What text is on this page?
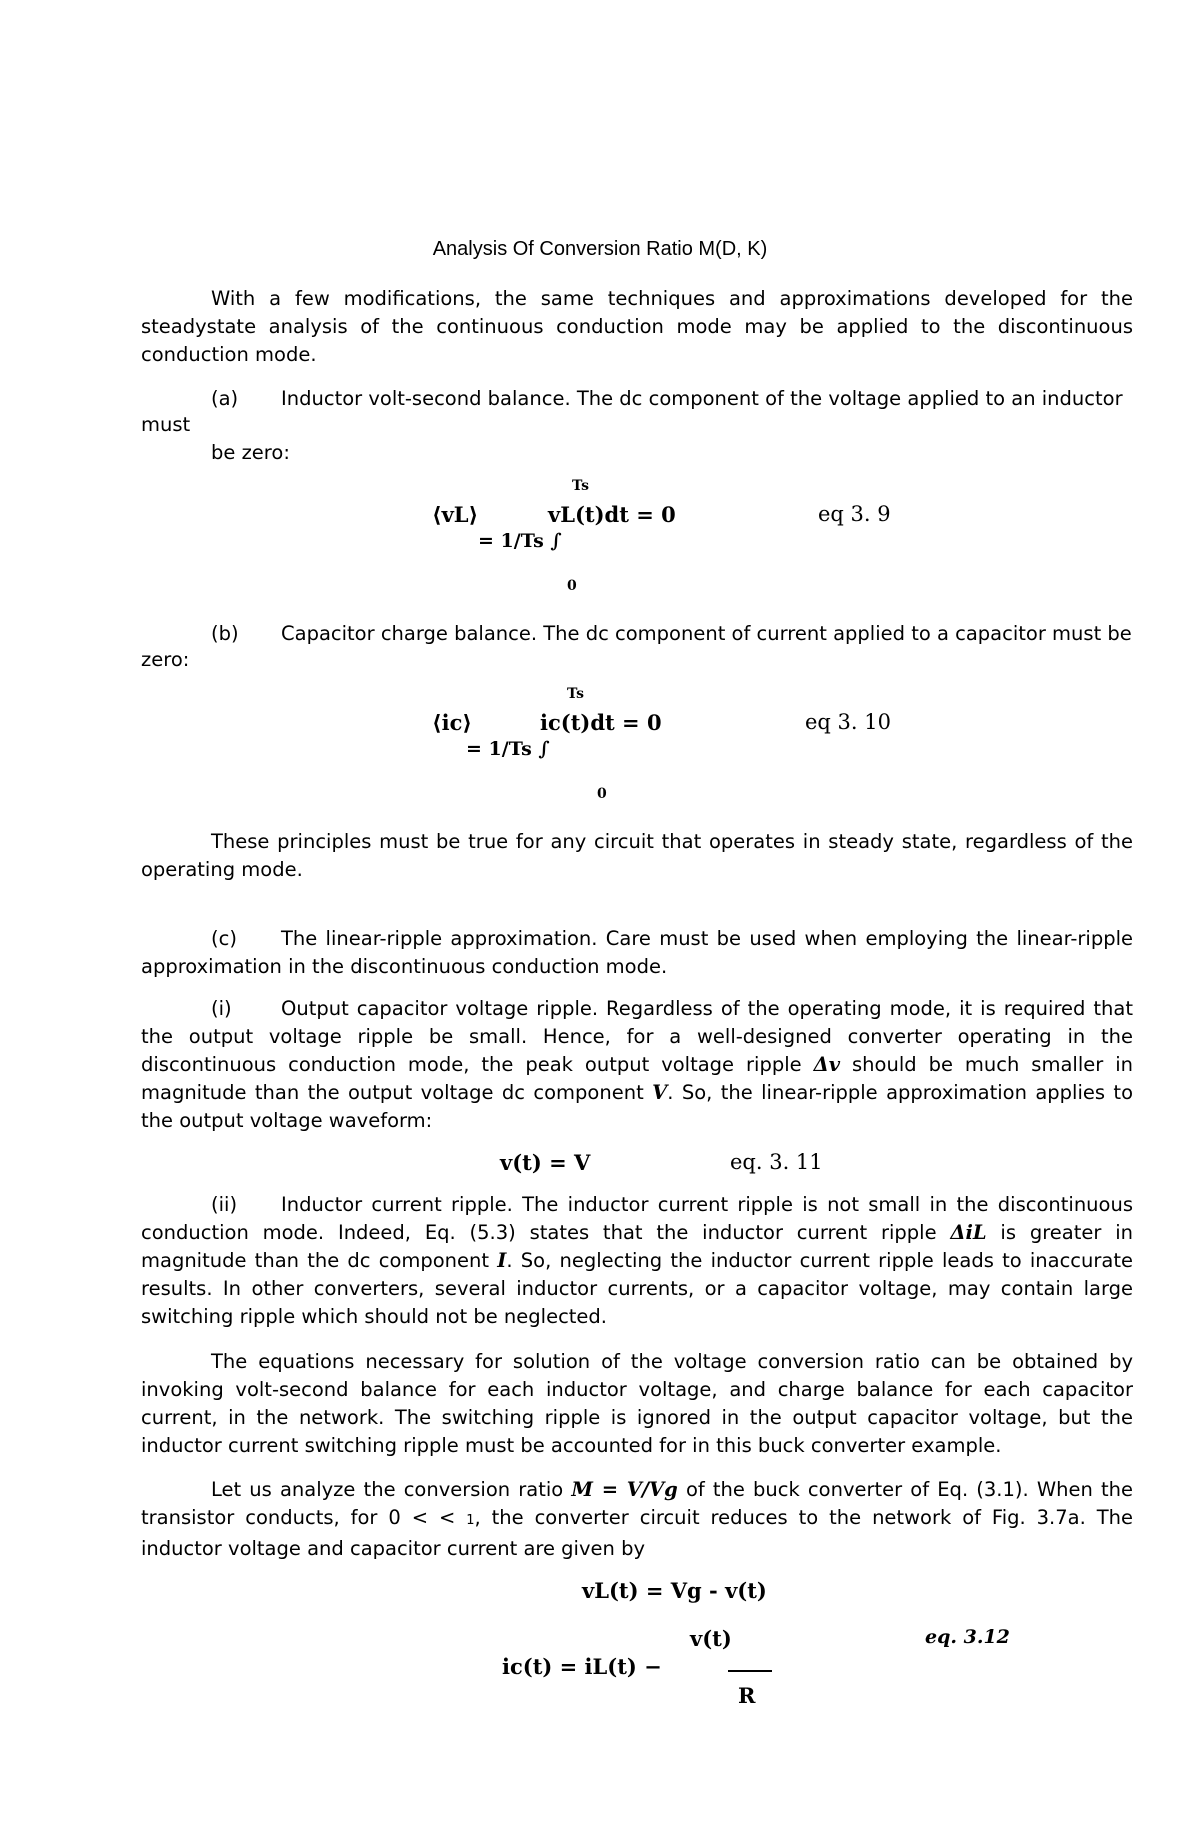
Analysis Of Conversion Ratio M(D, K)
With a few modifications, the same techniques and approximations developed for the steadystate analysis of the continuous conduction mode may be applied to the discontinuous conduction mode.
(a) Inductor volt-second balance. The dc component of the voltage applied to an inductor
must
be zero:
Ts
⟨vL⟩	vL(t)dt = 0
= 1/Ts ∫
0
eq 3. 9
(b) Capacitor charge balance. The dc component of current applied to a capacitor must be
zero:
Ts
⟨ic⟩	ic(t)dt = 0
= 1/Ts ∫
0
eq 3. 10
These principles must be true for any circuit that operates in steady state, regardless of the operating mode.
(c) The linear-ripple approximation. Care must be used when employing the linear-ripple approximation in the discontinuous conduction mode.
(i)	Output capacitor voltage ripple. Regardless of the operating mode, it is required that the output voltage ripple be small. Hence, for a well-designed converter operating in the discontinuous conduction mode, the peak output voltage ripple Δv should be much smaller in magnitude than the output voltage dc component V. So, the linear-ripple approximation applies to the output voltage waveform:
v(t) = V	eq. 3. 11
(ii) Inductor current ripple. The inductor current ripple is not small in the discontinuous conduction mode. Indeed, Eq. (5.3) states that the inductor current ripple ΔiL is greater in magnitude than the dc component I. So, neglecting the inductor current ripple leads to inaccurate results. In other converters, several inductor currents, or a capacitor voltage, may contain large switching ripple which should not be neglected.
The equations necessary for solution of the voltage conversion ratio can be obtained by invoking volt-second balance for each inductor voltage, and charge balance for each capacitor current, in the network. The switching ripple is ignored in the output capacitor voltage, but the inductor current switching ripple must be accounted for in this buck converter example.
Let us analyze the conversion ratio M = V/Vg of the buck converter of Eq. (3.1). When the transistor conducts, for 0 < < 1, the converter circuit reduces to the network of Fig. 3.7a. The inductor voltage and capacitor current are given by
vL(t) = Vg - v(t)
v(t)	eq. 3.12
ic(t) = iL(t) −
R
